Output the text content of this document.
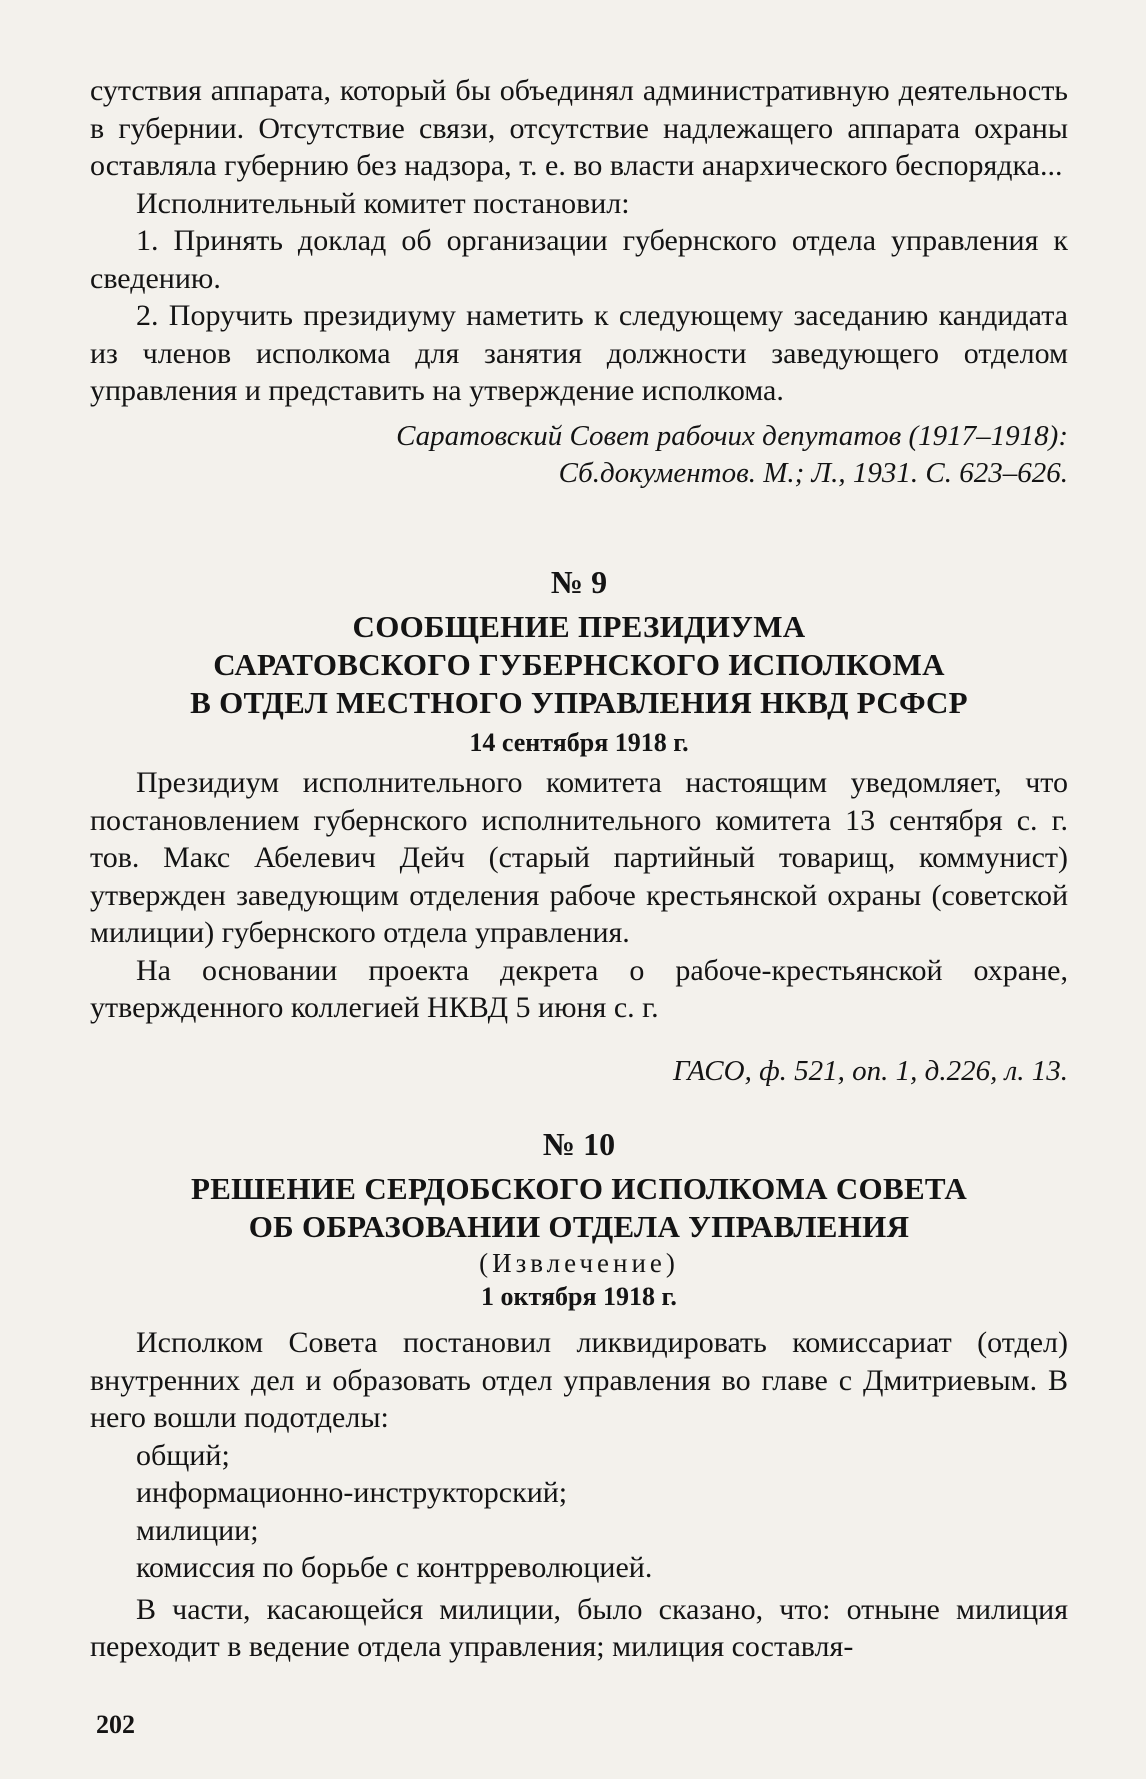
сутствия аппарата, который бы объединял административную деятельность в губернии. Отсутствие связи, отсутствие надлежащего аппарата охраны оставляла губернию без надзора, т. е. во власти анархического беспорядка...

Исполнительный комитет постановил:

1. Принять доклад об организации губернского отдела управления к сведению.

2. Поручить президиуму наметить к следующему заседанию кандидата из членов исполкома для занятия должности заведующего отделом управления и представить на утверждение исполкома.

Саратовский Совет рабочих депутатов (1917–1918):

Сб.документов. М.; Л., 1931. С. 623–626.

№ 9

СООБЩЕНИЕ ПРЕЗИДИУМА

САРАТОВСКОГО ГУБЕРНСКОГО ИСПОЛКОМА

В ОТДЕЛ МЕСТНОГО УПРАВЛЕНИЯ НКВД РСФСР

14 сентября 1918 г.

Президиум исполнительного комитета настоящим уведомляет, что постановлением губернского исполнительного комитета 13 сентября с. г. тов. Макс Абелевич Дейч (старый партийный товарищ, коммунист) утвержден заведующим отделения рабоче крестьянской охраны (советской милиции) губернского отдела управления.

На основании проекта декрета о рабоче-крестьянской охране, утвержденного коллегией НКВД 5 июня с. г.

ГАСО, ф. 521, оп. 1, д.226, л. 13.

№ 10

РЕШЕНИЕ СЕРДОБСКОГО ИСПОЛКОМА СОВЕТА

ОБ ОБРАЗОВАНИИ ОТДЕЛА УПРАВЛЕНИЯ

(Извлечение)

1 октября 1918 г.

Исполком Совета постановил ликвидировать комиссариат (отдел) внутренних дел и образовать отдел управления во главе с Дмитриевым. В него вошли подотделы:

общий;

информационно-инструкторский;

милиции;

комиссия по борьбе с контрреволюцией.

В части, касающейся милиции, было сказано, что: отныне милиция переходит в ведение отдела управления; милиция составля-

202
